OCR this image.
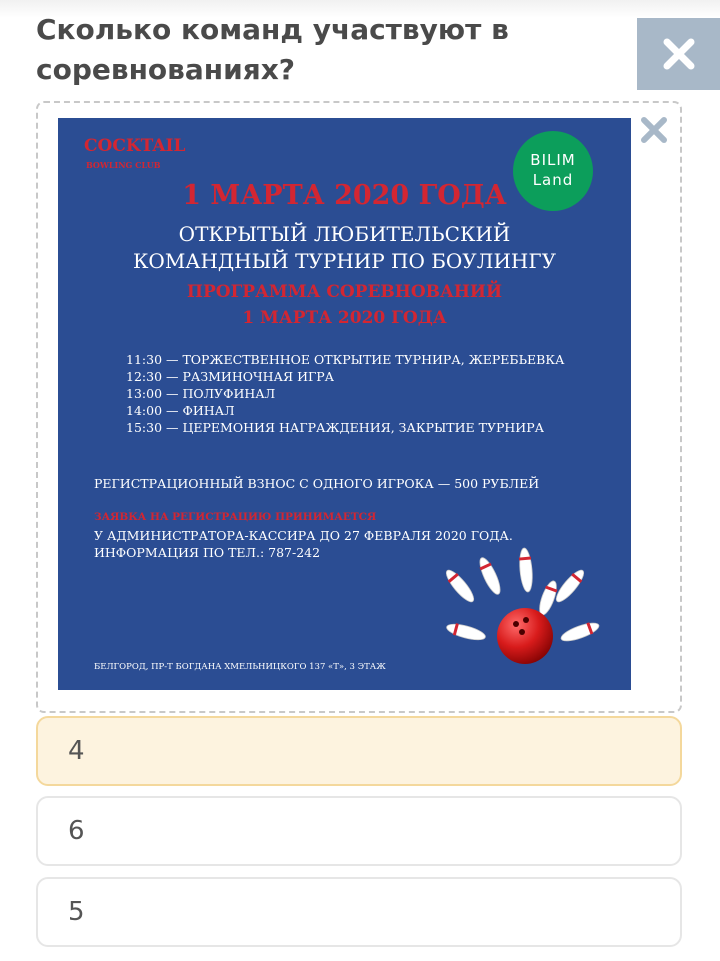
Сколько команд участвуют в соревнованиях?
COCKTAIL
BOWLING CLUB	BILIM
Land
1 МАРТА 2020 ГОДА
ОТКРЫТЫЙ ЛЮБИТЕЛЬСКИЙ
КОМАНДНЫЙ ТУРНИР ПО БОУЛИНГУ
ПРОГРАММА СОРЕВНОВАНИЙ
1 МАРТА 2020 ГОДА
11:30 — ТОРЖЕСТВЕННОЕ ОТКРЫТИЕ ТУРНИРА, ЖЕРЕБЬЕВКА
12:30 — РАЗМИНОЧНАЯ ИГРА
13:00 — ПОЛУФИНАЛ
14:00 — ФИНАЛ
15:30 — ЦЕРЕМОНИЯ НАГРАЖДЕНИЯ, ЗАКРЫТИЕ ТУРНИРА
РЕГИСТРАЦИОННЫЙ ВЗНОС С ОДНОГО ИГРОКА — 500 РУБЛЕЙ
ЗАЯВКА НА РЕГИСТРАЦИЮ ПРИНИМАЕТСЯ
У АДМИНИСТРАТОРА-КАССИРА ДО 27 ФЕВРАЛЯ 2020 ГОДА.
ИНФОРМАЦИЯ ПО ТЕЛ.: 787-242
БЕЛГОРОД, ПР-Т БОГДАНА ХМЕЛЬНИЦКОГО 137 «Т», 3 ЭТАЖ
4
6
5
